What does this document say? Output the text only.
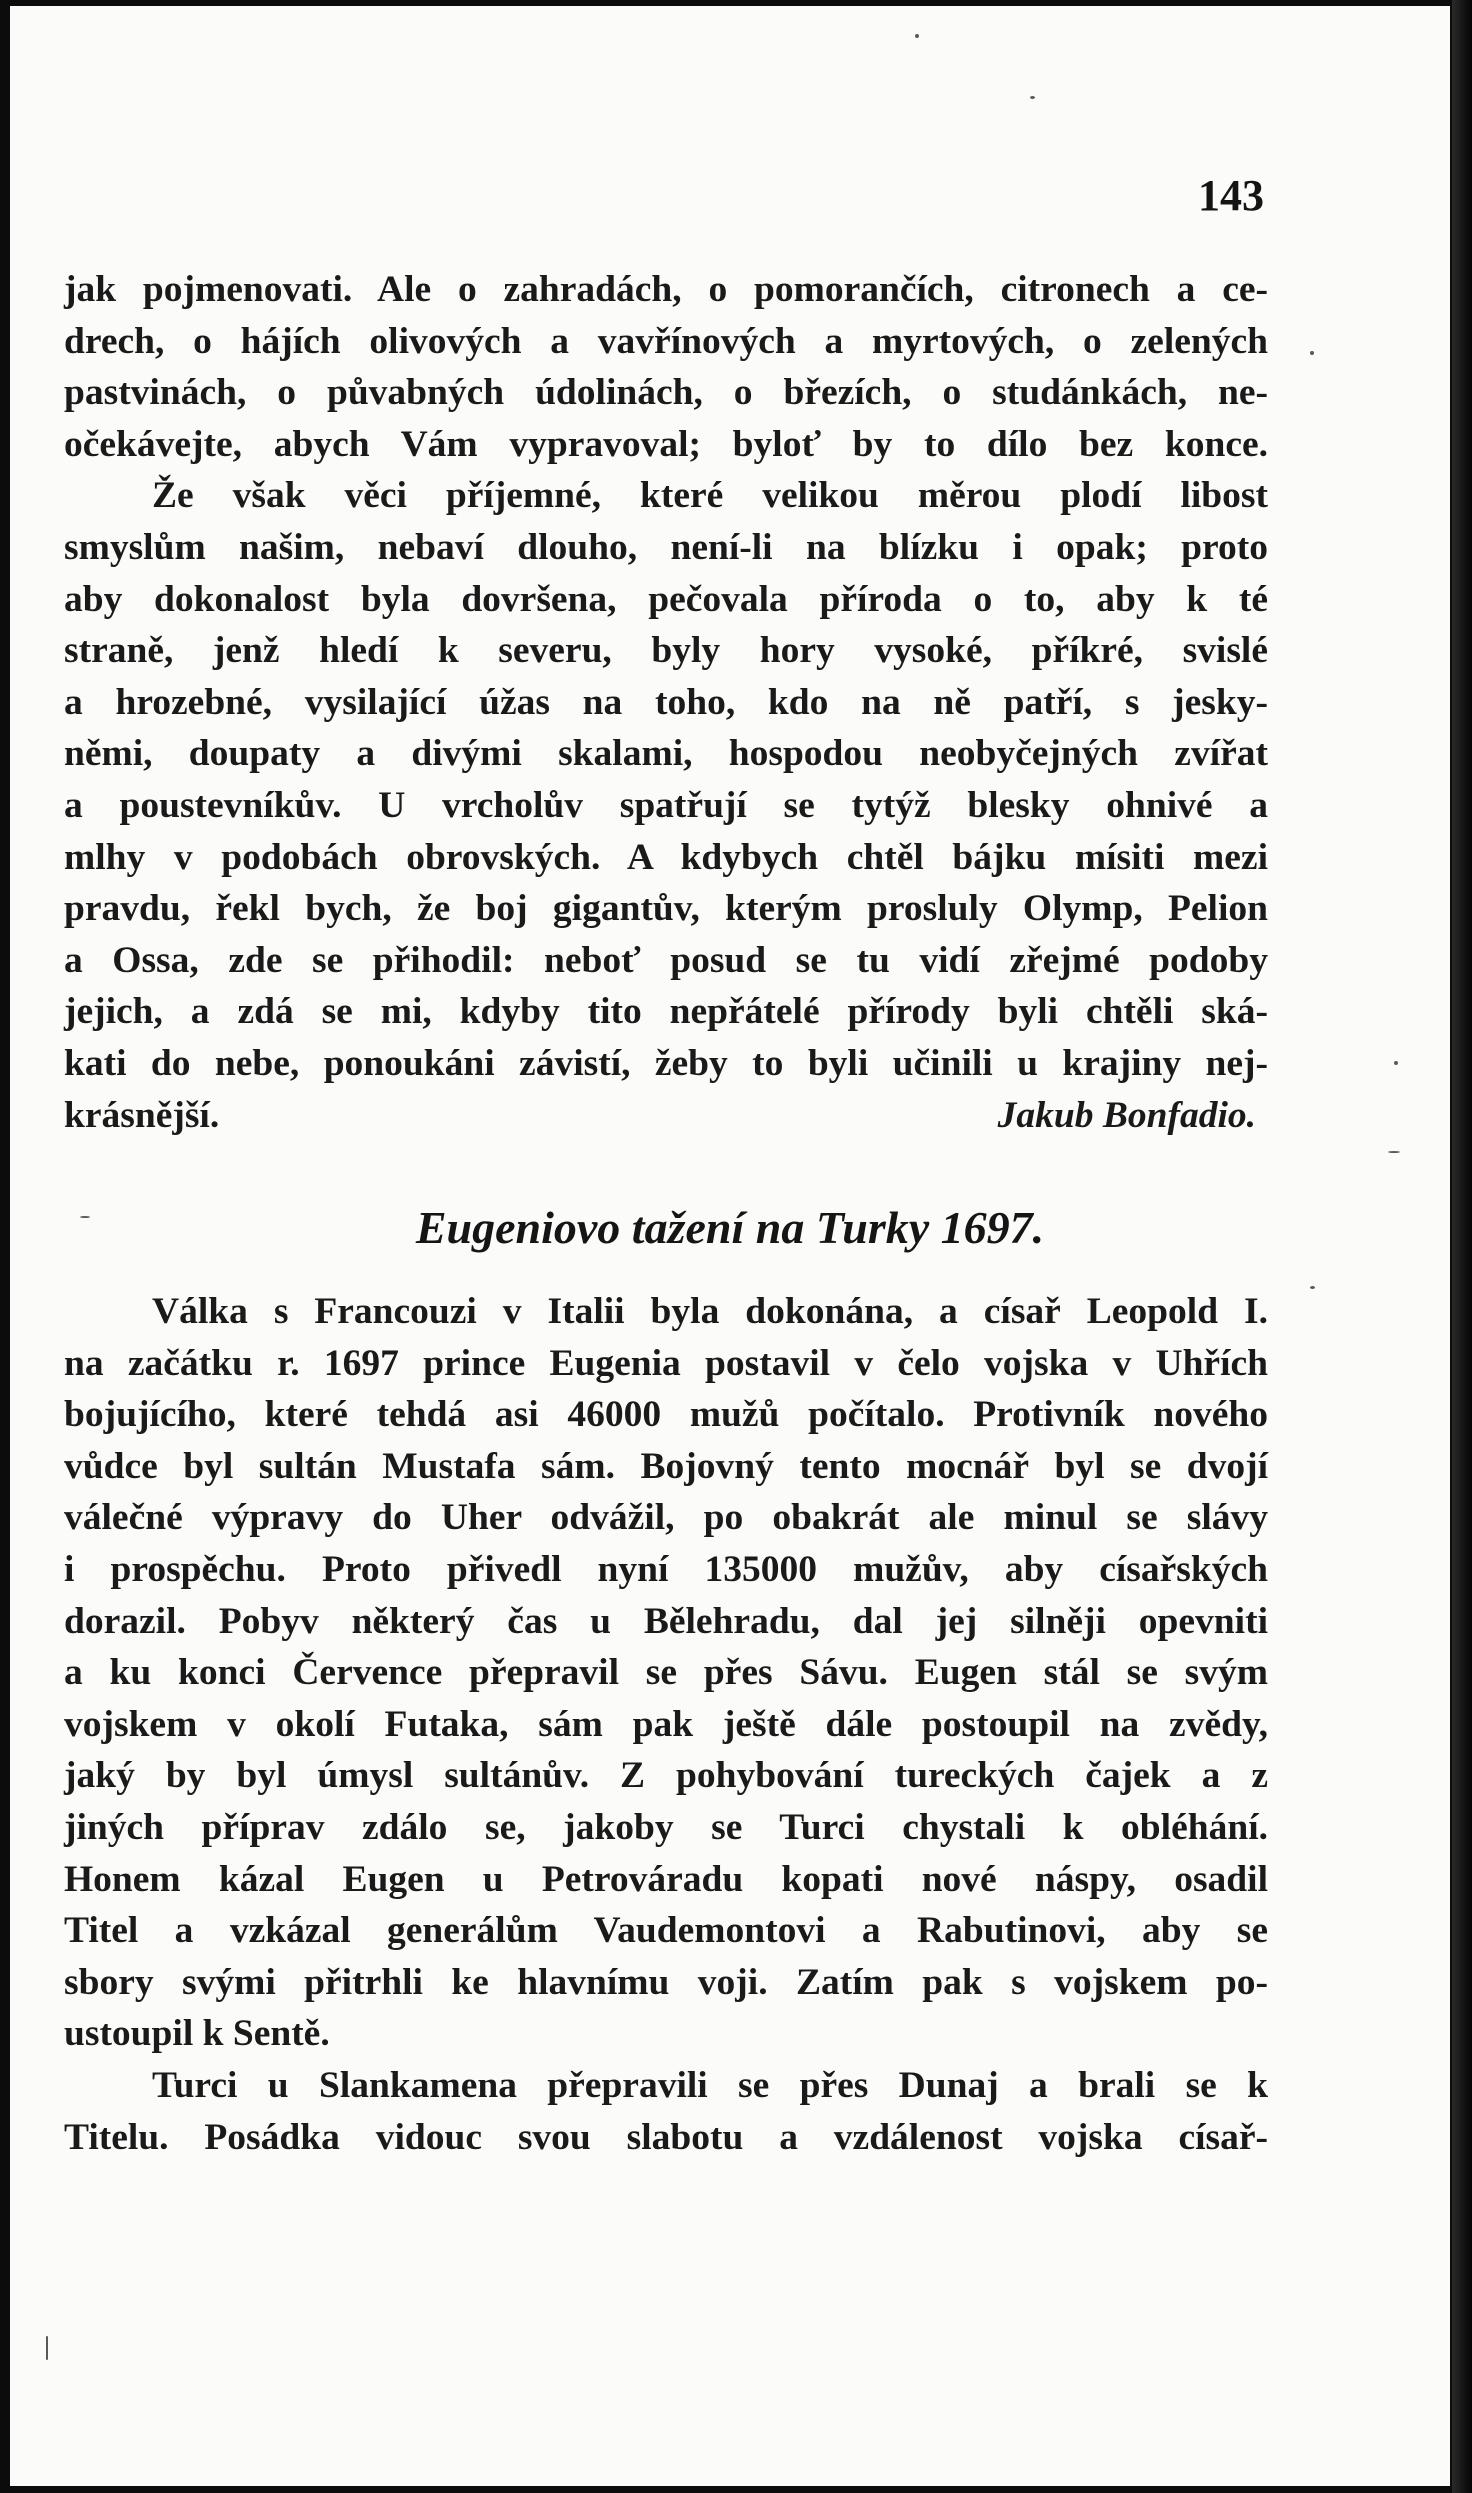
143
jak pojmenovati. Ale o zahradách, o pomorančích, citronech a ce-
drech, o hájích olivových a vavřínových a myrtových, o zelených
pastvinách, o půvabných údolinách, o březích, o studánkách, ne-
očekávejte, abych Vám vypravoval; byloť by to dílo bez konce.
Že však věci příjemné, které velikou měrou plodí libost
smyslům našim, nebaví dlouho, není-li na blízku i opak; proto
aby dokonalost byla dovršena, pečovala příroda o to, aby k té
straně, jenž hledí k severu, byly hory vysoké, příkré, svislé
a hrozebné, vysilající úžas na toho, kdo na ně patří, s jesky-
němi, doupaty a divými skalami, hospodou neobyčejných zvířat
a poustevníkův. U vrcholův spatřují se tytýž blesky ohnivé a
mlhy v podobách obrovských. A kdybych chtěl bájku mísiti mezi
pravdu, řekl bych, že boj gigantův, kterým prosluly Olymp, Pelion
a Ossa, zde se přihodil: neboť posud se tu vidí zřejmé podoby
jejich, a zdá se mi, kdyby tito nepřátelé přírody byli chtěli ská-
kati do nebe, ponoukáni závistí, žeby to byli učinili u krajiny nej-
krásnější.	Jakub Bonfadio.
Eugeniovo tažení na Turky 1697.
Válka s Francouzi v Italii byla dokonána, a císař Leopold I.
na začátku r. 1697 prince Eugenia postavil v čelo vojska v Uhřích
bojujícího, které tehdá asi 46000 mužů počítalo. Protivník nového
vůdce byl sultán Mustafa sám. Bojovný tento mocnář byl se dvojí
válečné výpravy do Uher odvážil, po obakrát ale minul se slávy
i prospěchu. Proto přivedl nyní 135000 mužův, aby císařských
dorazil. Pobyv některý čas u Bělehradu, dal jej silněji opevniti
a ku konci Července přepravil se přes Sávu. Eugen stál se svým
vojskem v okolí Futaka, sám pak ještě dále postoupil na zvědy,
jaký by byl úmysl sultánův. Z pohybování tureckých čajek a z
jiných příprav zdálo se, jakoby se Turci chystali k obléhání.
Honem kázal Eugen u Petrováradu kopati nové náspy, osadil
Titel a vzkázal generálům Vaudemontovi a Rabutinovi, aby se
sbory svými přitrhli ke hlavnímu voji. Zatím pak s vojskem po-
ustoupil k Sentě.
Turci u Slankamena přepravili se přes Dunaj a brali se k
Titelu. Posádka vidouc svou slabotu a vzdálenost vojska císař-
